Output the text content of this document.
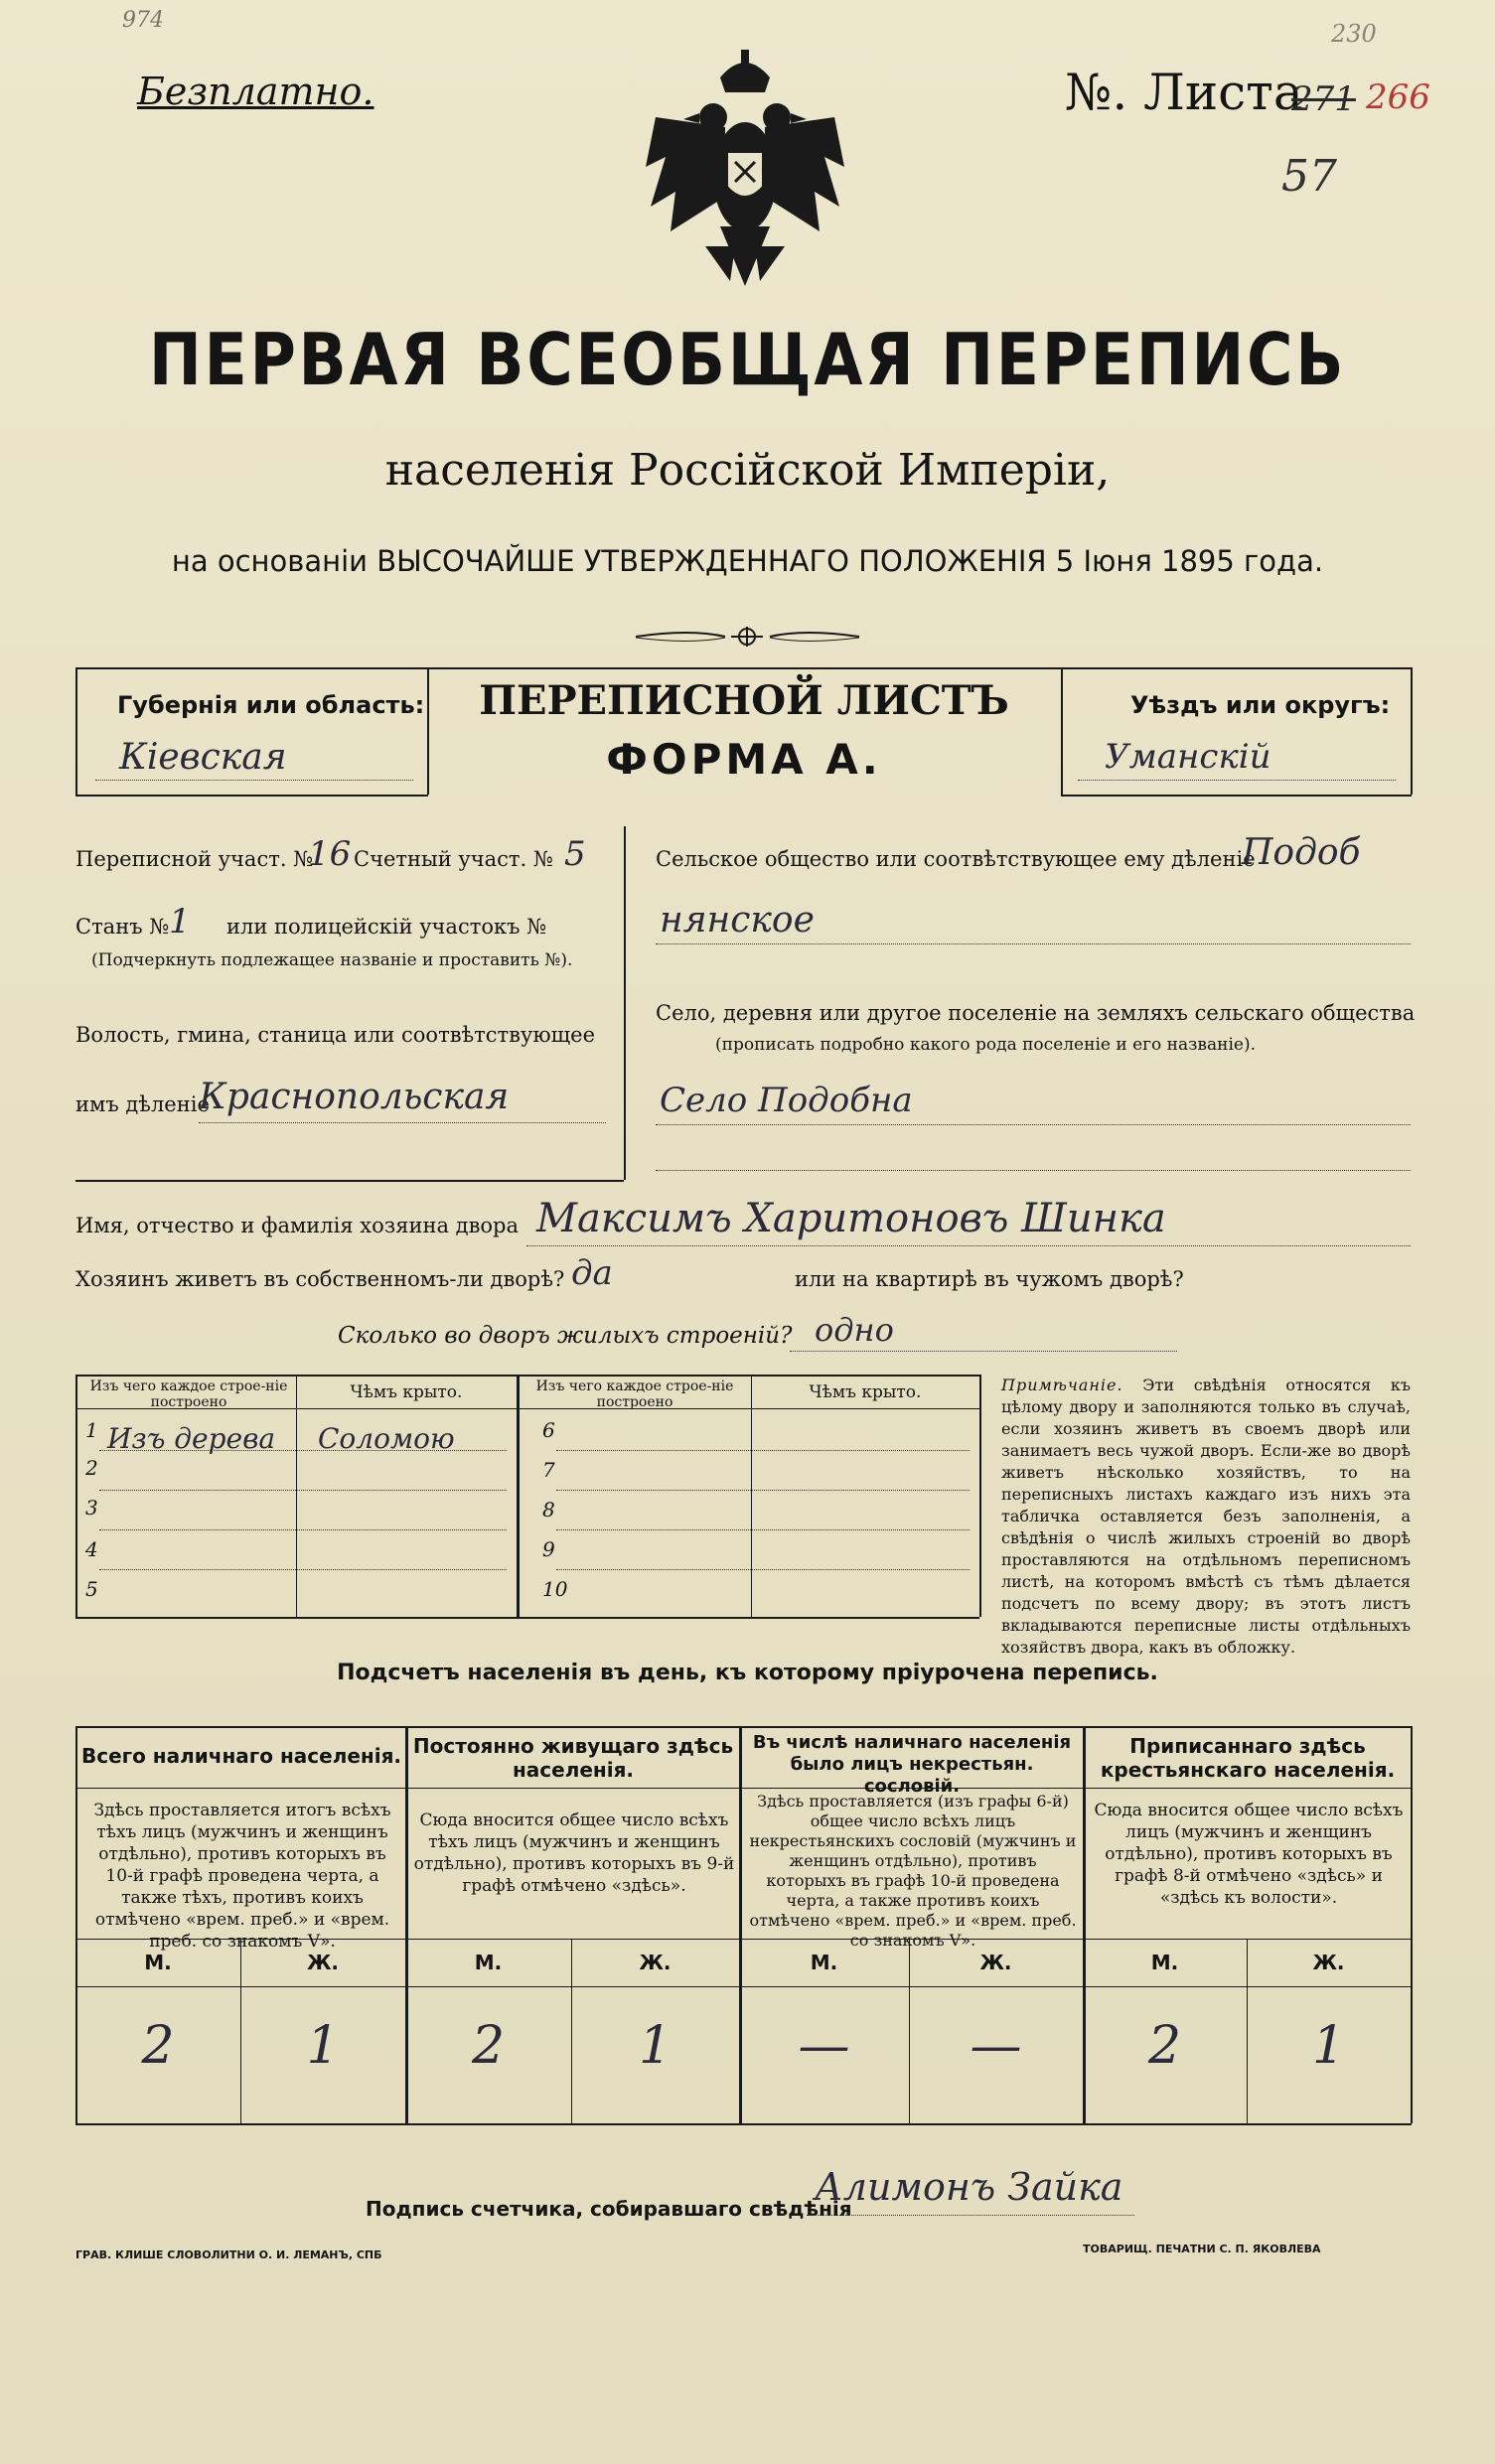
974	230
Безплатно.	№. Листа
271 266
57
ПЕРВАЯ ВСЕОБЩАЯ ПЕРЕПИСЬ
населенія Россійской Имперіи,
на основаніи ВЫСОЧАЙШЕ УТВЕРЖДЕННАГО ПОЛОЖЕНІЯ 5 Іюня 1895 года.
Губернія или область:
Кіевская
ПЕРЕПИСНОЙ ЛИСТЪ
ФОРМА А.
Уѣздъ или округъ:
Уманскій
Переписной участ. №
16 Счетный участ. № 5
Станъ № 1 или полицейскій участокъ №
(Подчеркнуть подлежащее названіе и проставить №).
Волость, гмина, станица или соотвѣтствующее
имъ дѣленіе
Краснопольская
Сельское общество или соотвѣтствующее ему дѣленіе
Подоб
нянское
Село, деревня или другое поселеніе на земляхъ сельскаго общества
(прописать подробно какого рода поселеніе и его названіе).
Село Подобна
Имя, отчество и фамилія хозяина двора Максимъ Харитоновъ Шинка
Хозяинъ живетъ въ собственномъ-ли дворѣ? да	или на квартирѣ въ чужомъ дворѣ?
Сколько во дворъ жилыхъ строеній? одно
Изъ чего каждое строе-ніе построено	Чѣмъ крыто.	Изъ чего каждое строе-ніе построено	Чѣмъ крыто.
1 Изъ дерева Соломою
2
3
4
5
6
7
8
9
10
Примѣчаніе. Эти свѣдѣнія относятся къ цѣлому двору и заполняются только въ случаѣ, если хозяинъ живетъ въ своемъ дворѣ или занимаетъ весь чужой дворъ. Если-же во дворѣ живетъ нѣсколько хозяйствъ, то на переписныхъ листахъ каждаго изъ нихъ эта табличка оставляется безъ заполненія, а свѣдѣнія о числѣ жилыхъ строеній во дворѣ проставляются на отдѣльномъ переписномъ листѣ, на которомъ вмѣстѣ съ тѣмъ дѣлается подсчетъ по всему двору; въ этотъ листъ вкладываются переписные листы отдѣльныхъ хозяйствъ двора, какъ въ обложку.
Подсчетъ населенія въ день, къ которому пріурочена перепись.
Всего наличнаго населенія.
Здѣсь проставляется итогъ всѣхъ тѣхъ лицъ (мужчинъ и женщинъ отдѣльно), противъ которыхъ въ 10-й графѣ проведена черта, а также тѣхъ, противъ коихъ отмѣчено «врем. преб.» и «врем. преб. со знакомъ V».
М.	Ж.
2	1
Постоянно живущаго здѣсь населенія.
Сюда вносится общее число всѣхъ тѣхъ лицъ (мужчинъ и женщинъ отдѣльно), противъ которыхъ въ 9-й графѣ отмѣчено «здѣсь».
М.	Ж.
2	1
Въ числѣ наличнаго населенія было лицъ некрестьян. сословій.
Здѣсь проставляется (изъ графы 6-й) общее число всѣхъ лицъ некрестьянскихъ сословій (мужчинъ и женщинъ отдѣльно), противъ которыхъ въ графѣ 10-й проведена черта, а также противъ коихъ отмѣчено «врем. преб.» и «врем. преб. со знакомъ V».
М.	Ж.
—	—
Приписаннаго здѣсь крестьянскаго населенія.
Сюда вносится общее число всѣхъ лицъ (мужчинъ и женщинъ отдѣльно), противъ которыхъ въ графѣ 8-й отмѣчено «здѣсь» и «здѣсь къ волости».
М.	Ж.
2	1
Подпись счетчика, собиравшаго свѣдѣнія
Алимонъ Зайка
ГРАВ. КЛИШЕ СЛОВОЛИТНИ О. И. ЛЕМАНЪ, СПБ	ТОВАРИЩ. ПЕЧАТНИ С. П. ЯКОВЛЕВА
